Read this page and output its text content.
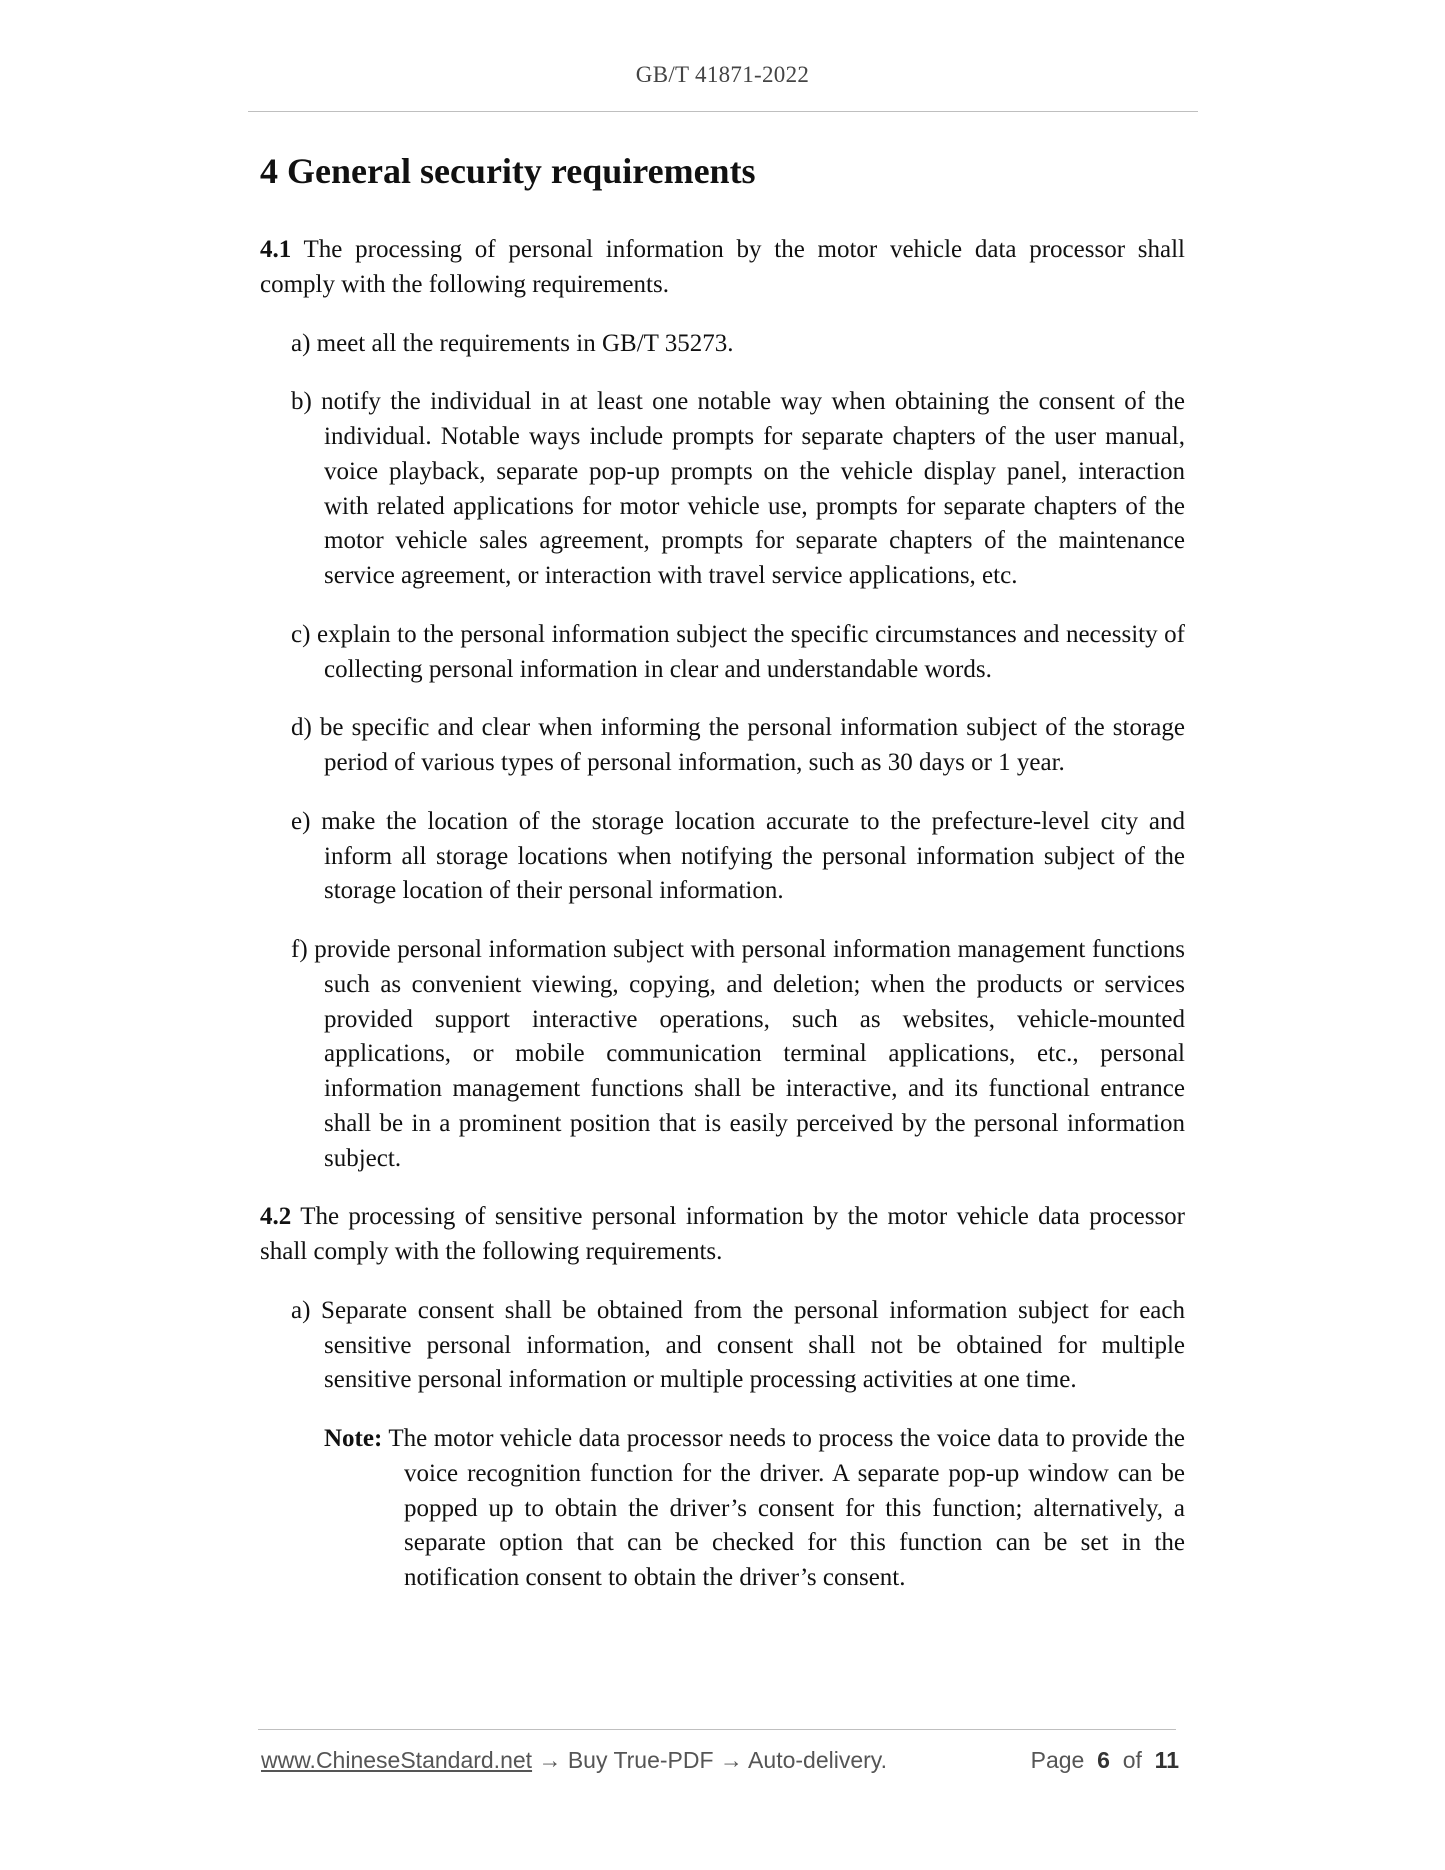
GB/T 41871-2022
4 General security requirements

4.1 The processing of personal information by the motor vehicle data processor shall comply with the following requirements.

a) meet all the requirements in GB/T 35273.

b) notify the individual in at least one notable way when obtaining the consent of the individual. Notable ways include prompts for separate chapters of the user manual, voice playback, separate pop-up prompts on the vehicle display panel, interaction with related applications for motor vehicle use, prompts for separate chapters of the motor vehicle sales agreement, prompts for separate chapters of the maintenance service agreement, or interaction with travel service applications, etc.

c) explain to the personal information subject the specific circumstances and necessity of collecting personal information in clear and understandable words.

d) be specific and clear when informing the personal information subject of the storage period of various types of personal information, such as 30 days or 1 year.

e) make the location of the storage location accurate to the prefecture-level city and inform all storage locations when notifying the personal information subject of the storage location of their personal information.

f) provide personal information subject with personal information management functions such as convenient viewing, copying, and deletion; when the products or services provided support interactive operations, such as websites, vehicle-mounted applications, or mobile communication terminal applications, etc., personal information management functions shall be interactive, and its functional entrance shall be in a prominent position that is easily perceived by the personal information subject.

4.2 The processing of sensitive personal information by the motor vehicle data processor shall comply with the following requirements.

a) Separate consent shall be obtained from the personal information subject for each sensitive personal information, and consent shall not be obtained for multiple sensitive personal information or multiple processing activities at one time.

Note: The motor vehicle data processor needs to process the voice data to provide the voice recognition function for the driver. A separate pop-up window can be popped up to obtain the driver’s consent for this function; alternatively, a separate option that can be checked for this function can be set in the notification consent to obtain the driver’s consent.

www.ChineseStandard.net → Buy True-PDF → Auto-delivery.	Page 6 of 11
